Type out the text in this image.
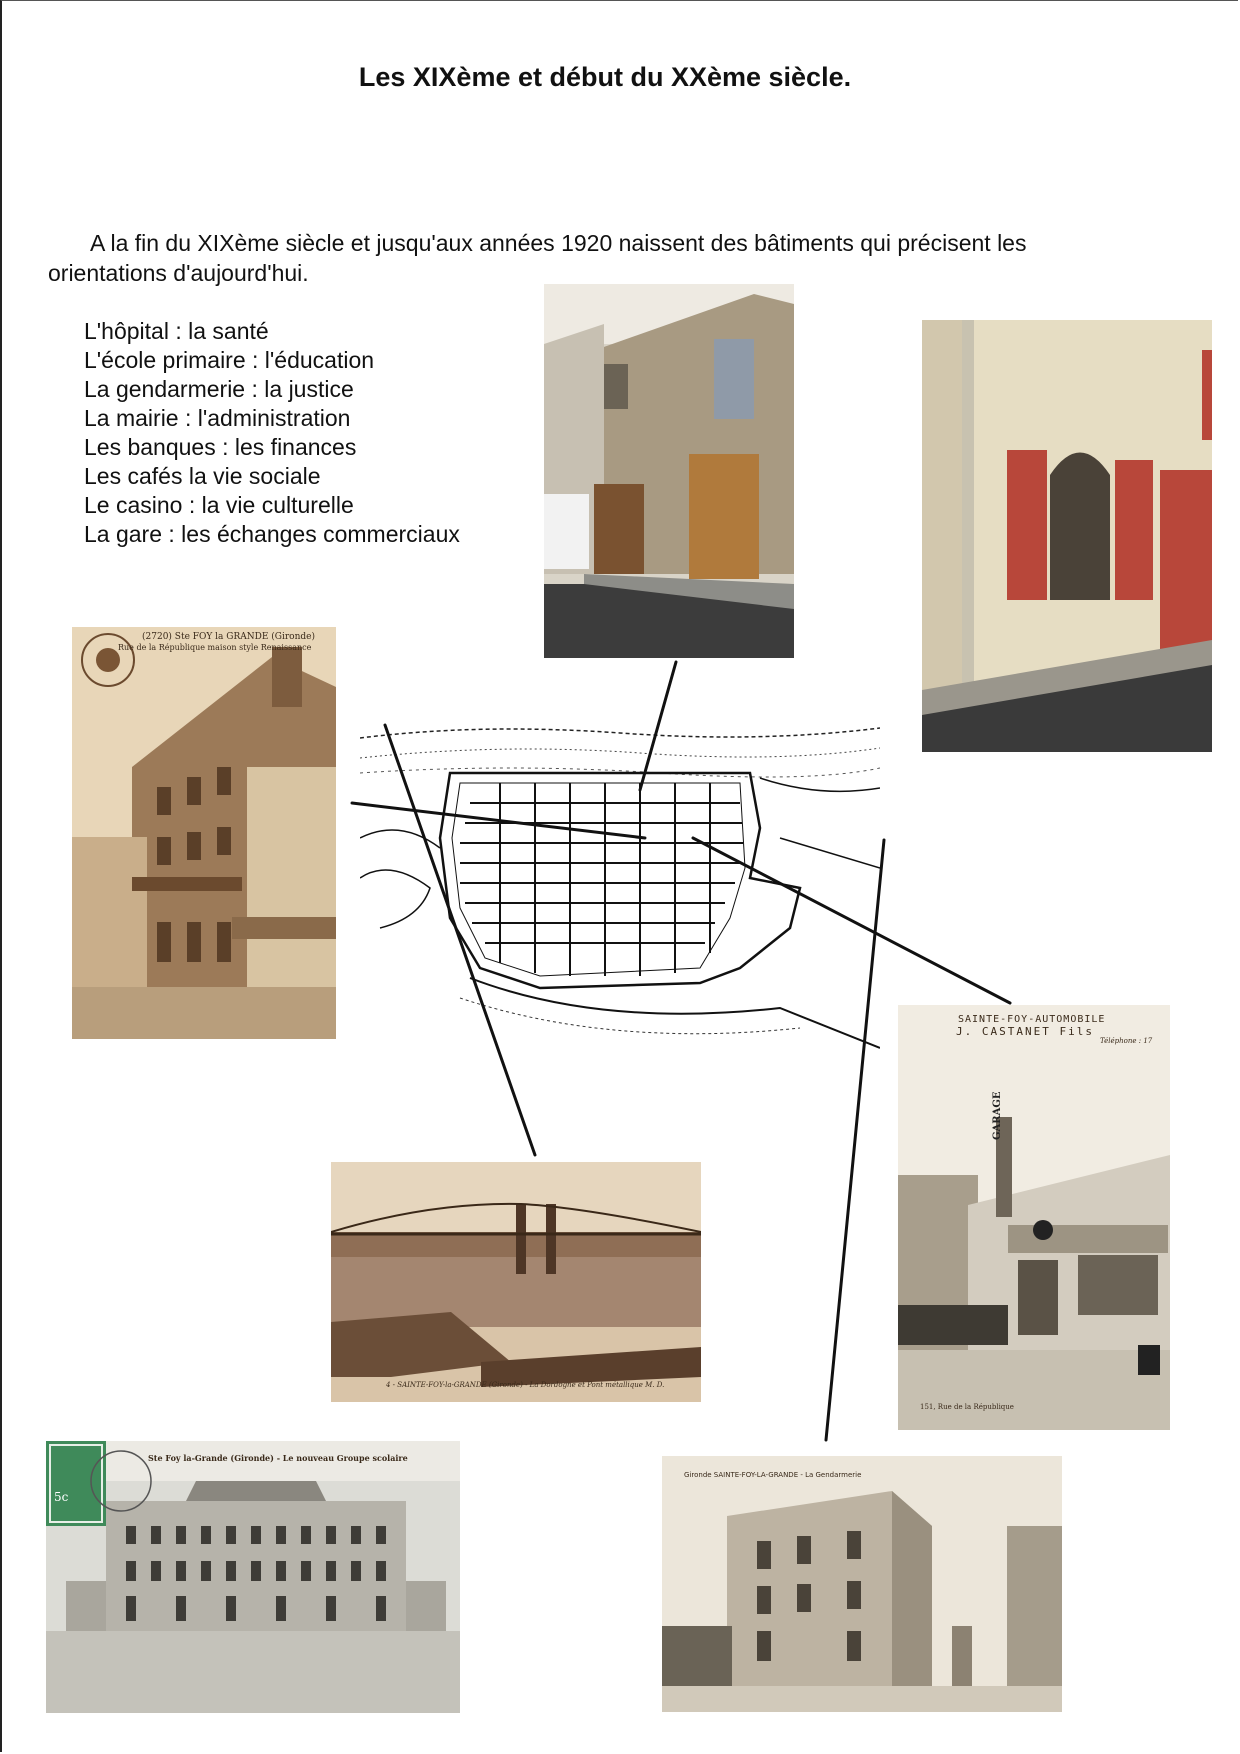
Les XIXème et début du XXème siècle.
A la fin du XIXème siècle et jusqu'aux années 1920 naissent des bâtiments qui précisent les
orientations d'aujourd'hui.
L'hôpital : la santé
L'école primaire : l'éducation
La gendarmerie : la justice
La mairie : l'administration
Les banques : les finances
Les cafés la vie sociale
Le casino : la vie culturelle
La gare : les échanges commerciaux
(2720) Ste FOY la GRANDE (Gironde)
Rue de la République maison style Renaissance
4 - SAINTE-FOY-la-GRANDE (Gironde) - La Dordogne et Pont métallique M. D.
SAINTE-FOY-AUTOMOBILE
J. CASTANET Fils
Téléphone : 17
GARAGE
151, Rue de la République
Ste Foy la-Grande (Gironde) - Le nouveau Groupe scolaire
5c
Gironde SAINTE-FOY-LA-GRANDE - La Gendarmerie
